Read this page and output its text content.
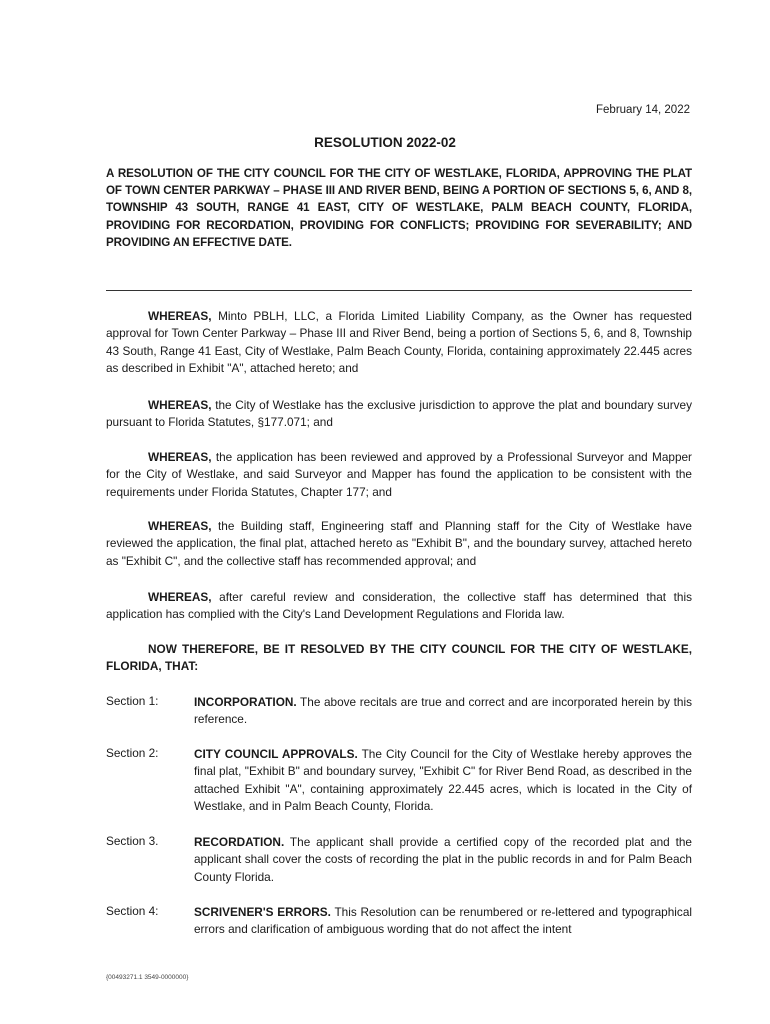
February 14, 2022
RESOLUTION 2022-02
A RESOLUTION OF THE CITY COUNCIL FOR THE CITY OF WESTLAKE, FLORIDA, APPROVING THE PLAT OF TOWN CENTER PARKWAY – PHASE III AND RIVER BEND, BEING A PORTION OF SECTIONS 5, 6, AND 8, TOWNSHIP 43 SOUTH, RANGE 41 EAST, CITY OF WESTLAKE, PALM BEACH COUNTY, FLORIDA, PROVIDING FOR RECORDATION, PROVIDING FOR CONFLICTS; PROVIDING FOR SEVERABILITY; AND PROVIDING AN EFFECTIVE DATE.
WHEREAS, Minto PBLH, LLC, a Florida Limited Liability Company, as the Owner has requested approval for Town Center Parkway – Phase III and River Bend, being a portion of Sections 5, 6, and 8, Township 43 South, Range 41 East, City of Westlake, Palm Beach County, Florida, containing approximately 22.445 acres as described in Exhibit "A", attached hereto; and
WHEREAS, the City of Westlake has the exclusive jurisdiction to approve the plat and boundary survey pursuant to Florida Statutes, §177.071; and
WHEREAS, the application has been reviewed and approved by a Professional Surveyor and Mapper for the City of Westlake, and said Surveyor and Mapper has found the application to be consistent with the requirements under Florida Statutes, Chapter 177; and
WHEREAS, the Building staff, Engineering staff and Planning staff for the City of Westlake have reviewed the application, the final plat, attached hereto as "Exhibit B", and the boundary survey, attached hereto as "Exhibit C", and the collective staff has recommended approval; and
WHEREAS, after careful review and consideration, the collective staff has determined that this application has complied with the City's Land Development Regulations and Florida law.
NOW THEREFORE, BE IT RESOLVED BY THE CITY COUNCIL FOR THE CITY OF WESTLAKE, FLORIDA, THAT:
Section 1:	INCORPORATION. The above recitals are true and correct and are incorporated herein by this reference.
Section 2:	CITY COUNCIL APPROVALS. The City Council for the City of Westlake hereby approves the final plat, "Exhibit B" and boundary survey, "Exhibit C" for River Bend Road, as described in the attached Exhibit "A", containing approximately 22.445 acres, which is located in the City of Westlake, and in Palm Beach County, Florida.
Section 3.	RECORDATION. The applicant shall provide a certified copy of the recorded plat and the applicant shall cover the costs of recording the plat in the public records in and for Palm Beach County Florida.
Section 4:	SCRIVENER'S ERRORS. This Resolution can be renumbered or re-lettered and typographical errors and clarification of ambiguous wording that do not affect the intent
{00493271.1 3549-0000000}
